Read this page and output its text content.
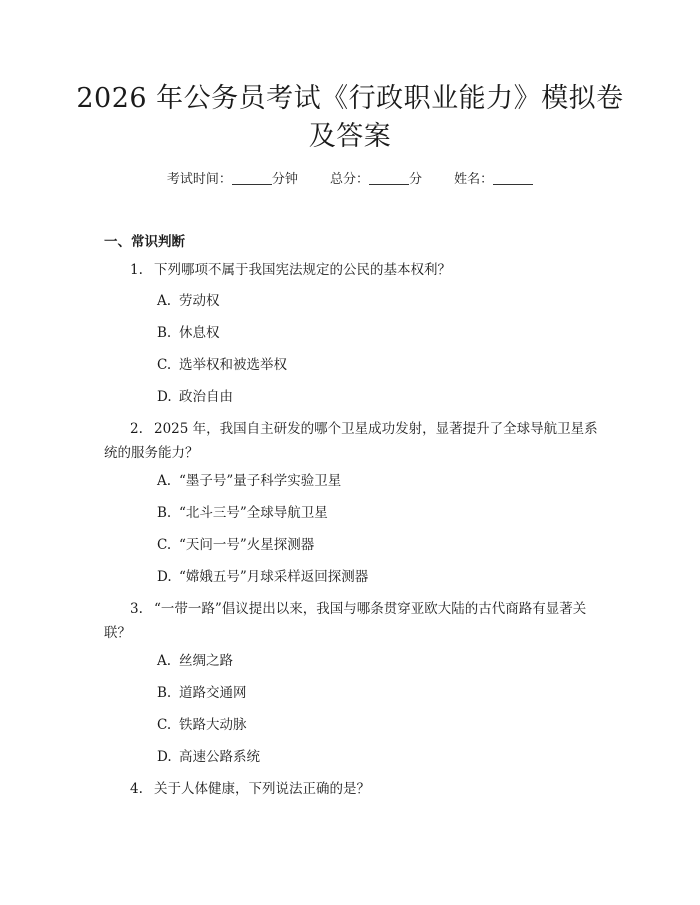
2026 年公务员考试《行政职业能力》模拟卷
及答案
考试时间：	分钟 总分：	分 姓名：
一、常识判断
1. 下列哪项不属于我国宪法规定的公民的基本权利？
A. 劳动权
B. 休息权
C. 选举权和被选举权
D. 政治自由
2. 2025 年，我国自主研发的哪个卫星成功发射，显著提升了全球导航卫星系统的服务能力？
A. “墨子号”量子科学实验卫星
B. “北斗三号”全球导航卫星
C. “天问一号”火星探测器
D. “嫦娥五号”月球采样返回探测器
3. “一带一路”倡议提出以来，我国与哪条贯穿亚欧大陆的古代商路有显著关联？
A. 丝绸之路
B. 道路交通网
C. 铁路大动脉
D. 高速公路系统
4. 关于人体健康，下列说法正确的是？
